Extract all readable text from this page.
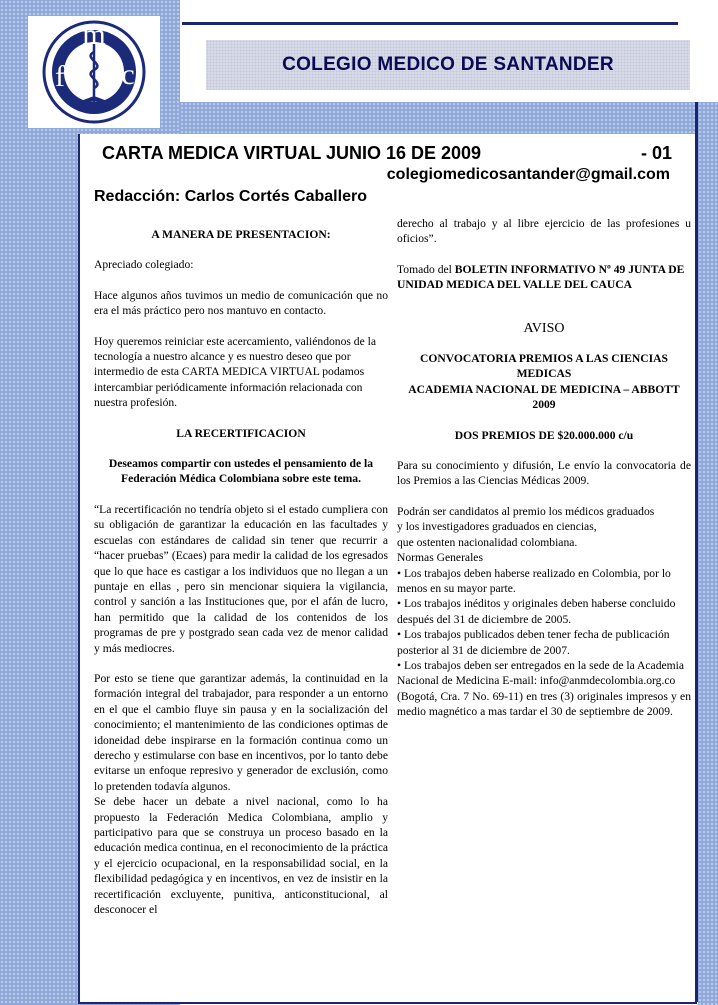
m
f c	COLEGIO MEDICO DE SANTANDER
CARTA MEDICA VIRTUAL JUNIO 16 DE 2009	- 01
colegiomedicosantander@gmail.com
Redacción: Carlos Cortés Caballero

A MANERA DE PRESENTACION:

Apreciado colegiado:

Hace algunos años tuvimos un medio de comunicación que no era el más práctico pero nos mantuvo en contacto.

Hoy queremos reiniciar este acercamiento, valiéndonos de la tecnología a nuestro alcance y es nuestro deseo que por intermedio de esta CARTA MEDICA VIRTUAL podamos intercambiar periódicamente información relacionada con nuestra profesión.

LA RECERTIFICACION

Deseamos compartir con ustedes el pensamiento de la Federación Médica Colombiana sobre este tema.

“La recertificación no tendría objeto si el estado cumpliera con su obligación de garantizar la educación en las facultades y escuelas con estándares de calidad sin tener que recurrir a “hacer pruebas” (Ecaes) para medir la calidad de los egresados que lo que hace es castigar a los individuos que no llegan a un puntaje en ellas , pero sin mencionar siquiera la vigilancia, control y sanción a las Instituciones que, por el afán de lucro, han permitido que la calidad de los contenidos de los programas de pre y postgrado sean cada vez de menor calidad y más mediocres.

Por esto se tiene que garantizar además, la continuidad en la formación integral del trabajador, para responder a un entorno en el que el cambio fluye sin pausa y en la socialización del conocimiento; el mantenimiento de las condiciones optimas de idoneidad debe inspirarse en la formación continua como un derecho y estimularse con base en incentivos, por lo tanto debe evitarse un enfoque represivo y generador de exclusión, como lo pretenden todavía algunos.

Se debe hacer un debate a nivel nacional, como lo ha propuesto la Federación Medica Colombiana, amplio y participativo para que se construya un proceso basado en la educación medica continua, en el reconocimiento de la práctica y el ejercicio ocupacional, en la responsabilidad social, en la flexibilidad pedagógica y en incentivos, en vez de insistir en la recertificación excluyente, punitiva, anticonstitucional, al desconocer el

derecho al trabajo y al libre ejercicio de las profesiones u oficios”.

Tomado del BOLETIN INFORMATIVO Nº 49 JUNTA DE UNIDAD MEDICA DEL VALLE DEL CAUCA

AVISO

CONVOCATORIA PREMIOS A LAS CIENCIAS MEDICAS

ACADEMIA NACIONAL DE MEDICINA – ABBOTT 2009

DOS PREMIOS DE $20.000.000 c/u

Para su conocimiento y difusión, Le envío la convocatoria de los Premios a las Ciencias Médicas 2009.

Podrán ser candidatos al premio los médicos graduados

y los investigadores graduados en ciencias,

que ostenten nacionalidad colombiana.

Normas Generales

• Los trabajos deben haberse realizado en Colombia, por lo

menos en su mayor parte.

• Los trabajos inéditos y originales deben haberse concluido

después del 31 de diciembre de 2005.

• Los trabajos publicados deben tener fecha de publicación

posterior al 31 de diciembre de 2007.

• Los trabajos deben ser entregados en la sede de la Academia

Nacional de Medicina E-mail: info@anmdecolombia.org.co

(Bogotá, Cra. 7 No. 69-11) en tres (3) originales impresos y en medio magnético a mas tardar el 30 de septiembre de 2009.
